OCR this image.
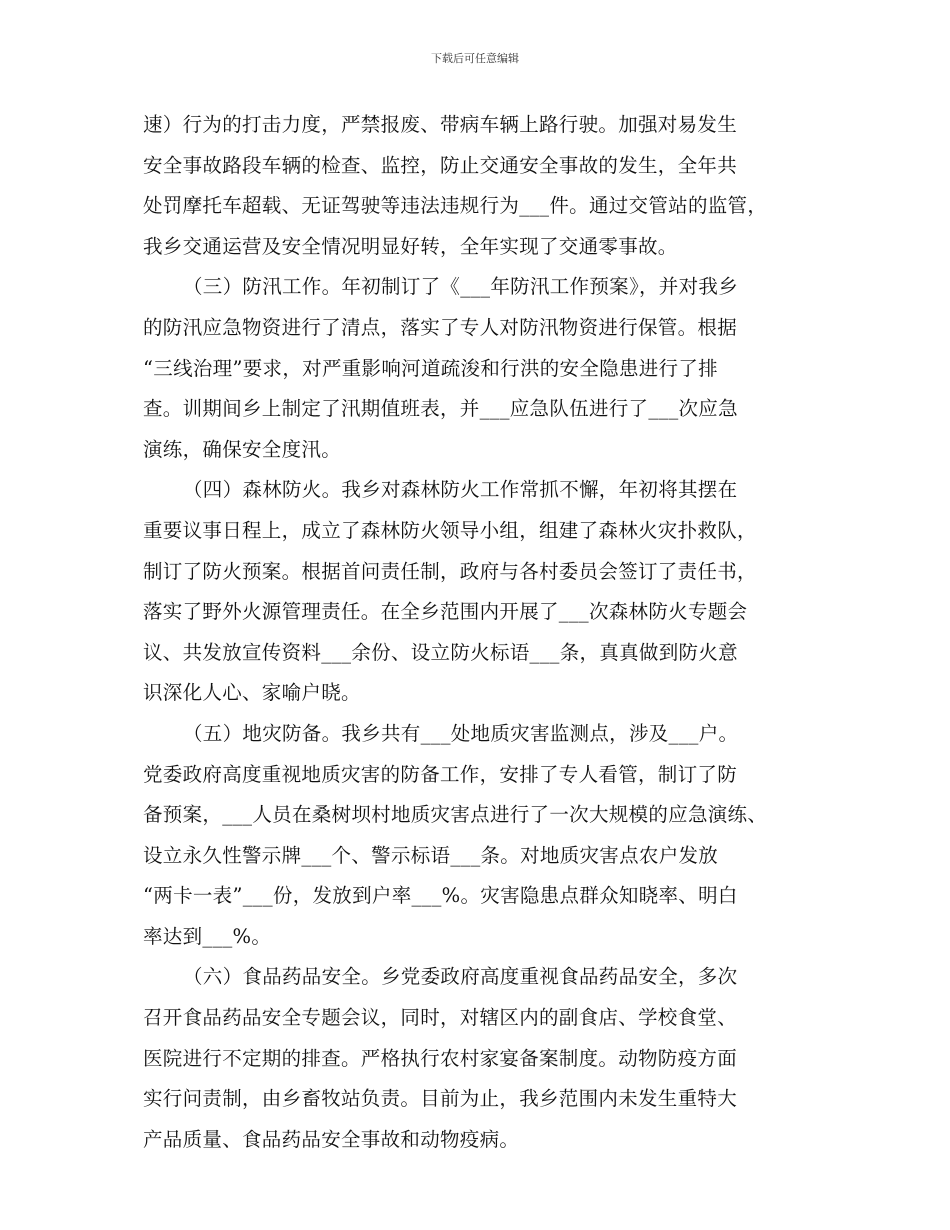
下载后可任意编辑
速）行为的打击力度，严禁报废、带病车辆上路行驶。加强对易发生
安全事故路段车辆的检查、监控，防止交通安全事故的发生，全年共
处罚摩托车超载、无证驾驶等违法违规行为___件。通过交管站的监管，
我乡交通运营及安全情况明显好转，全年实现了交通零事故。
（三）防汛工作。年初制订了《___年防汛工作预案》，并对我乡
的防汛应急物资进行了清点，落实了专人对防汛物资进行保管。根据
“三线治理”要求，对严重影响河道疏浚和行洪的安全隐患进行了排
查。训期间乡上制定了汛期值班表，并___应急队伍进行了___次应急
演练，确保安全度汛。
（四）森林防火。我乡对森林防火工作常抓不懈，年初将其摆在
重要议事日程上，成立了森林防火领导小组，组建了森林火灾扑救队，
制订了防火预案。根据首问责任制，政府与各村委员会签订了责任书，
落实了野外火源管理责任。在全乡范围内开展了___次森林防火专题会
议、共发放宣传资料___余份、设立防火标语___条，真真做到防火意
识深化人心、家喻户晓。
（五）地灾防备。我乡共有___处地质灾害监测点，涉及___户。
党委政府高度重视地质灾害的防备工作，安排了专人看管，制订了防
备预案，___人员在桑树坝村地质灾害点进行了一次大规模的应急演练、
设立永久性警示牌___个、警示标语___条。对地质灾害点农户发放
“两卡一表”___份，发放到户率___%。灾害隐患点群众知晓率、明白
率达到___%。
（六）食品药品安全。乡党委政府高度重视食品药品安全，多次
召开食品药品安全专题会议，同时，对辖区内的副食店、学校食堂、
医院进行不定期的排查。严格执行农村家宴备案制度。动物防疫方面
实行问责制，由乡畜牧站负责。目前为止，我乡范围内未发生重特大
产品质量、食品药品安全事故和动物疫病。
